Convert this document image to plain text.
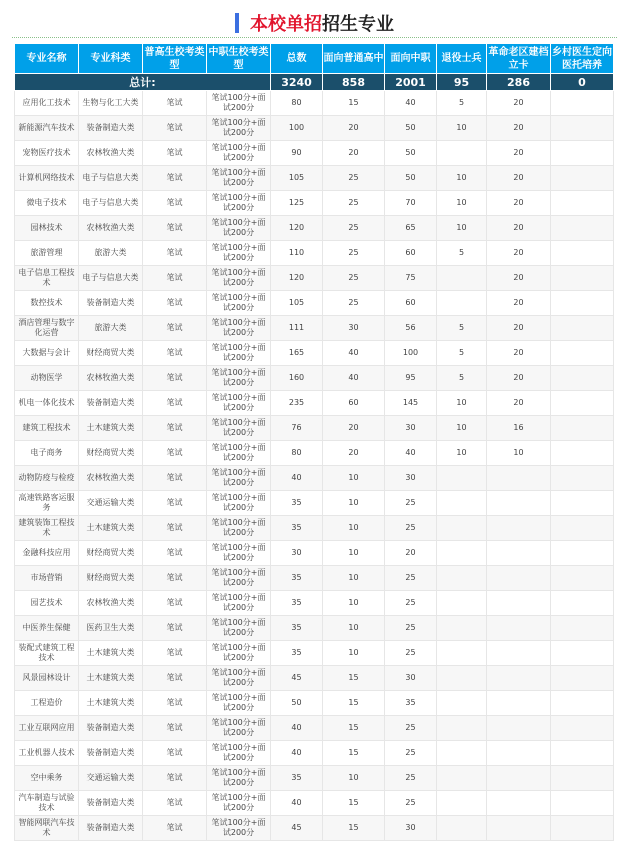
本校单招招生专业
专业名称	专业科类	普高生校考类型	中职生校考类型	总数	面向普通高中	面向中职	退役士兵	革命老区建档立卡	乡村医生定向医托培养
总计:				3240	858	2001	95	286	0
应用化工技术	生物与化工大类	笔试	笔试100分+面试200分	80	15	40	5	20	
新能源汽车技术	装备制造大类	笔试	笔试100分+面试200分	100	20	50	10	20	
宠物医疗技术	农林牧渔大类	笔试	笔试100分+面试200分	90	20	50		20	
计算机网络技术	电子与信息大类	笔试	笔试100分+面试200分	105	25	50	10	20	
微电子技术	电子与信息大类	笔试	笔试100分+面试200分	125	25	70	10	20	
园林技术	农林牧渔大类	笔试	笔试100分+面试200分	120	25	65	10	20	
旅游管理	旅游大类	笔试	笔试100分+面试200分	110	25	60	5	20	
电子信息工程技术	电子与信息大类	笔试	笔试100分+面试200分	120	25	75		20	
数控技术	装备制造大类	笔试	笔试100分+面试200分	105	25	60		20	
酒店管理与数字化运营	旅游大类	笔试	笔试100分+面试200分	111	30	56	5	20	
大数据与会计	财经商贸大类	笔试	笔试100分+面试200分	165	40	100	5	20	
动物医学	农林牧渔大类	笔试	笔试100分+面试200分	160	40	95	5	20	
机电一体化技术	装备制造大类	笔试	笔试100分+面试200分	235	60	145	10	20	
建筑工程技术	土木建筑大类	笔试	笔试100分+面试200分	76	20	30	10	16	
电子商务	财经商贸大类	笔试	笔试100分+面试200分	80	20	40	10	10	
动物防疫与检疫	农林牧渔大类	笔试	笔试100分+面试200分	40	10	30			
高速铁路客运服务	交通运输大类	笔试	笔试100分+面试200分	35	10	25			
建筑装饰工程技术	土木建筑大类	笔试	笔试100分+面试200分	35	10	25			
金融科技应用	财经商贸大类	笔试	笔试100分+面试200分	30	10	20			
市场营销	财经商贸大类	笔试	笔试100分+面试200分	35	10	25			
园艺技术	农林牧渔大类	笔试	笔试100分+面试200分	35	10	25			
中医养生保健	医药卫生大类	笔试	笔试100分+面试200分	35	10	25			
装配式建筑工程技术	土木建筑大类	笔试	笔试100分+面试200分	35	10	25			
风景园林设计	土木建筑大类	笔试	笔试100分+面试200分	45	15	30			
工程造价	土木建筑大类	笔试	笔试100分+面试200分	50	15	35			
工业互联网应用	装备制造大类	笔试	笔试100分+面试200分	40	15	25			
工业机器人技术	装备制造大类	笔试	笔试100分+面试200分	40	15	25			
空中乘务	交通运输大类	笔试	笔试100分+面试200分	35	10	25			
汽车制造与试验技术	装备制造大类	笔试	笔试100分+面试200分	40	15	25			
智能网联汽车技术	装备制造大类	笔试	笔试100分+面试200分	45	15	30			
